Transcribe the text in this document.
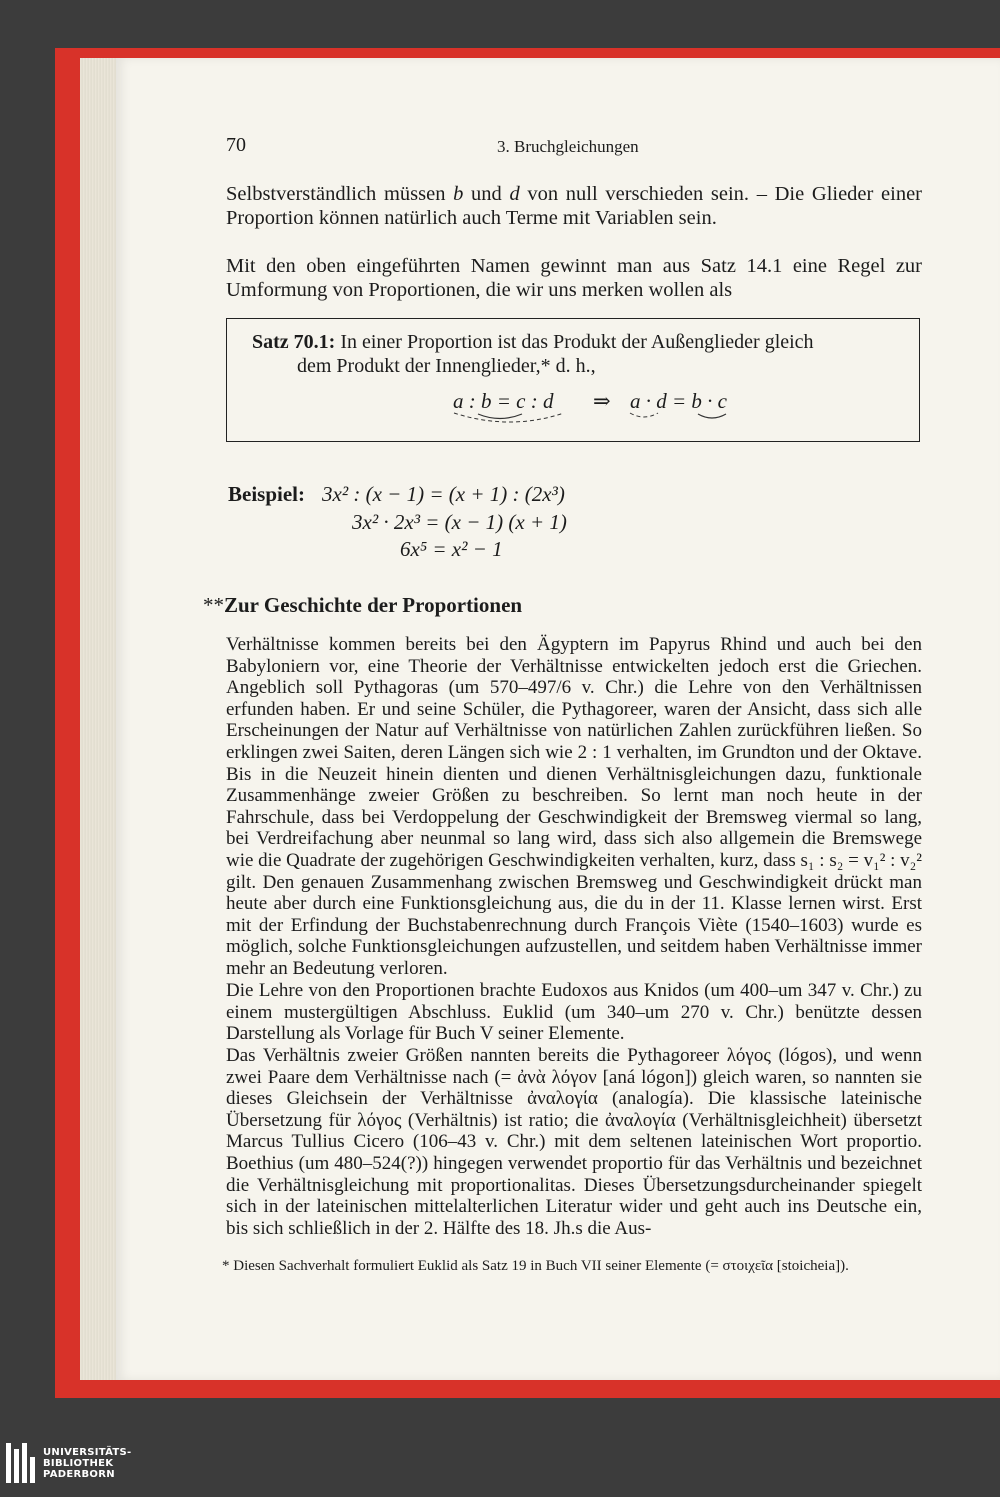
70	3. Bruchgleichungen

Selbstverständlich müssen b und d von null verschieden sein. – Die Glieder einer Proportion können natürlich auch Terme mit Variablen sein.

Mit den oben eingeführten Namen gewinnt man aus Satz 14.1 eine Regel zur Umformung von Proportionen, die wir uns merken wollen als

Satz 70.1: In einer Proportion ist das Produkt der Außenglieder gleich
dem Produkt der Innenglieder,* d. h.,
a : b = c : d ⇒ a · d = b · c
Beispiel: 3x² : (x − 1) = (x + 1) : (2x³)
3x² · 2x³ = (x − 1) (x + 1)
6x⁵ = x² − 1
**Zur Geschichte der Proportionen

Verhältnisse kommen bereits bei den Ägyptern im Papyrus Rhind und auch bei den Babyloniern vor, eine Theorie der Verhältnisse entwickelten jedoch erst die Griechen. Angeblich soll Pythagoras (um 570–497/6 v. Chr.) die Lehre von den Verhältnissen erfunden haben. Er und seine Schüler, die Pythagoreer, waren der Ansicht, dass sich alle Erscheinungen der Natur auf Verhältnisse von natürlichen Zahlen zurückführen ließen. So erklingen zwei Saiten, deren Längen sich wie 2 : 1 verhalten, im Grundton und der Oktave. Bis in die Neuzeit hinein dienten und dienen Verhältnisgleichungen dazu, funktionale Zusammenhänge zweier Größen zu beschreiben. So lernt man noch heute in der Fahrschule, dass bei Verdoppelung der Geschwindigkeit der Bremsweg viermal so lang, bei Verdreifachung aber neunmal so lang wird, dass sich also allgemein die Bremswege wie die Quadrate der zugehörigen Geschwindigkeiten verhalten, kurz, dass s₁ : s₂ = v₁² : v₂² gilt. Den genauen Zusammenhang zwischen Bremsweg und Geschwindigkeit drückt man heute aber durch eine Funktionsgleichung aus, die du in der 11. Klasse lernen wirst. Erst mit der Erfindung der Buchstabenrechnung durch François Viète (1540–1603) wurde es möglich, solche Funktionsgleichungen aufzustellen, und seitdem haben Verhältnisse immer mehr an Bedeutung verloren.

Die Lehre von den Proportionen brachte Eudoxos aus Knidos (um 400–um 347 v. Chr.) zu einem mustergültigen Abschluss. Euklid (um 340–um 270 v. Chr.) benützte dessen Darstellung als Vorlage für Buch V seiner Elemente.

Das Verhältnis zweier Größen nannten bereits die Pythagoreer λόγος (lógos), und wenn zwei Paare dem Verhältnisse nach (= ἀνὰ λόγον [aná lógon]) gleich waren, so nannten sie dieses Gleichsein der Verhältnisse ἀναλογία (analogía). Die klassische lateinische Übersetzung für λόγος (Verhältnis) ist ratio; die ἀναλογία (Verhältnisgleichheit) übersetzt Marcus Tullius Cicero (106–43 v. Chr.) mit dem seltenen lateinischen Wort proportio. Boethius (um 480–524(?)) hingegen verwendet proportio für das Verhältnis und bezeichnet die Verhältnisgleichung mit proportionalitas. Dieses Übersetzungsdurcheinander spiegelt sich in der lateinischen mittelalterlichen Literatur wider und geht auch ins Deutsche ein, bis sich schließlich in der 2. Hälfte des 18. Jh.s die Aus-

* Diesen Sachverhalt formuliert Euklid als Satz 19 in Buch VII seiner Elemente (= στοιχεῖα [stoicheia]).
UNIVERSITÄTS-
BIBLIOTHEK
PADERBORN
